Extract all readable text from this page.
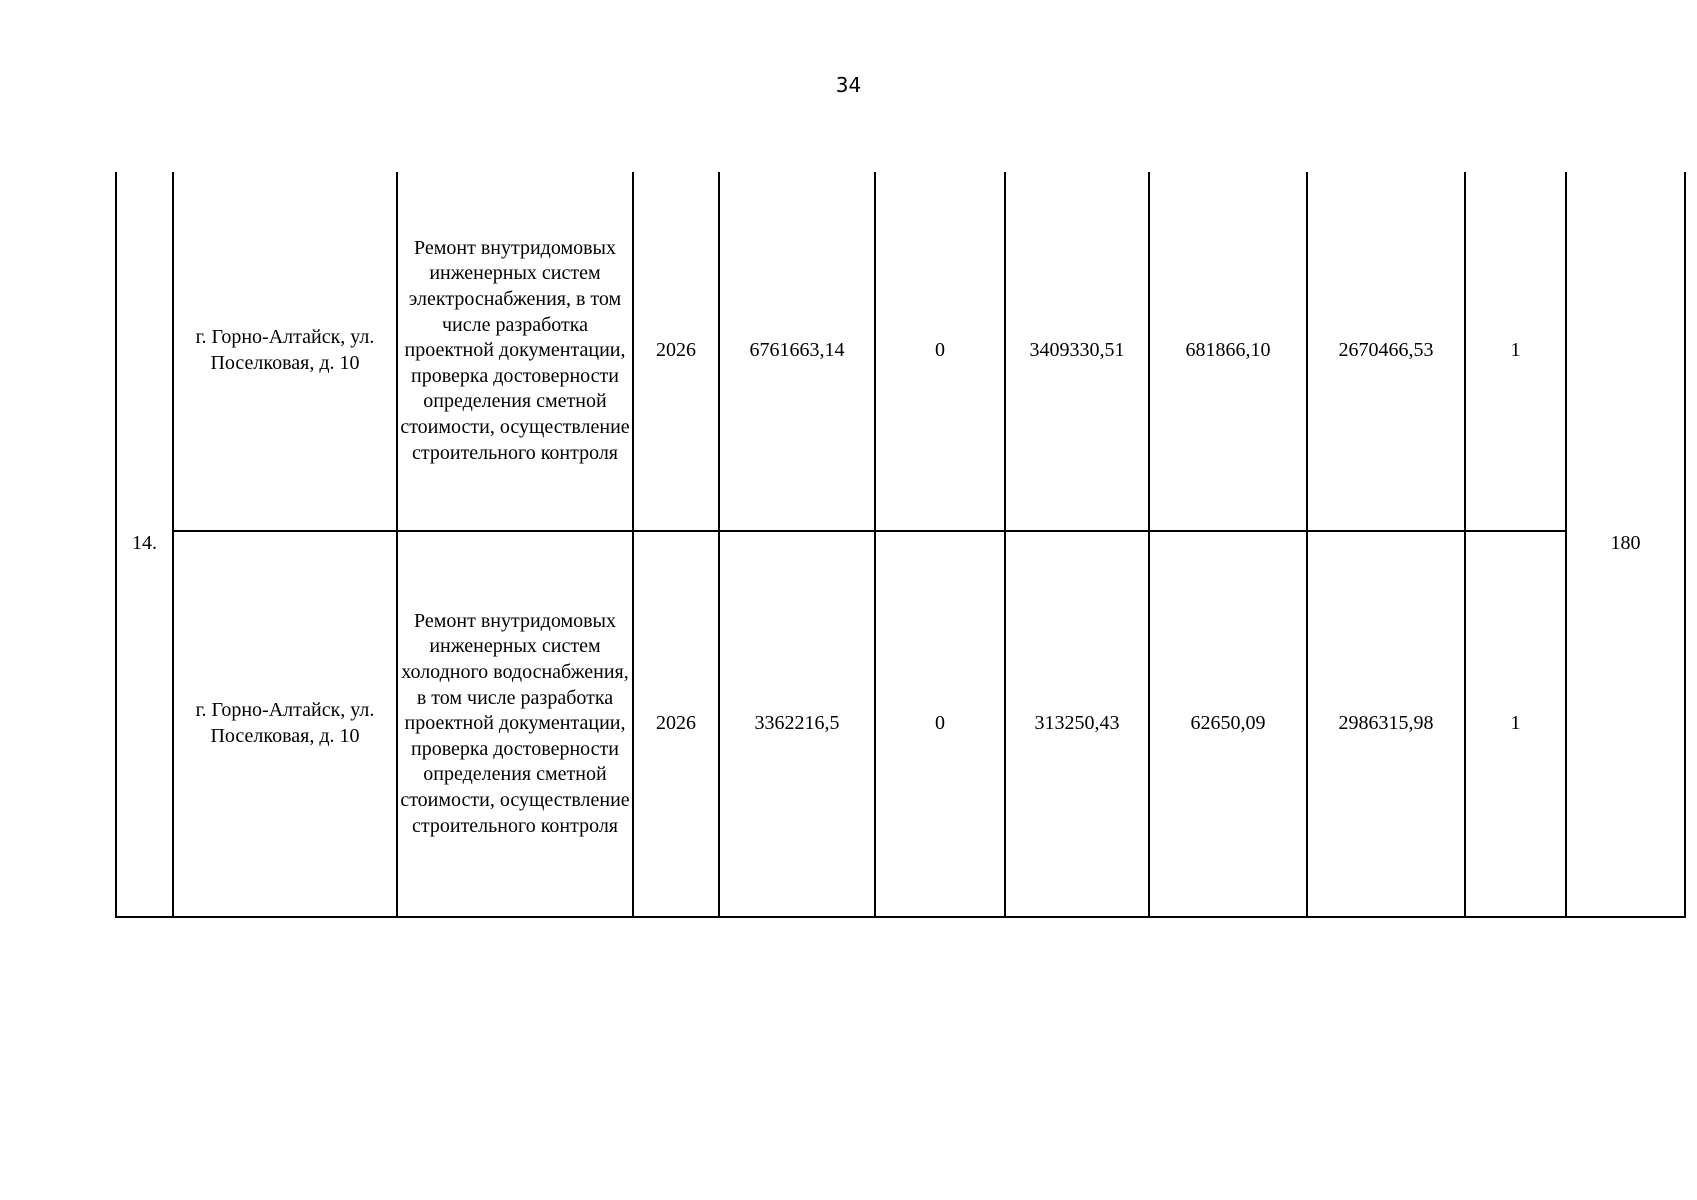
34
14.	г. Горно-Алтайск, ул. Поселковая, д. 10	Ремонт внутридомовых инженерных систем электроснабжения, в том числе разработка проектной документации, проверка достоверности определения сметной стоимости, осуществление строительного контроля	2026	6761663,14	0	3409330,51	681866,10	2670466,53	1	180
	г. Горно-Алтайск, ул. Поселковая, д. 10	Ремонт внутридомовых инженерных систем холодного водоснабжения, в том числе разработка проектной документации, проверка достоверности определения сметной стоимости, осуществление строительного контроля	2026	3362216,5	0	313250,43	62650,09	2986315,98	1	
